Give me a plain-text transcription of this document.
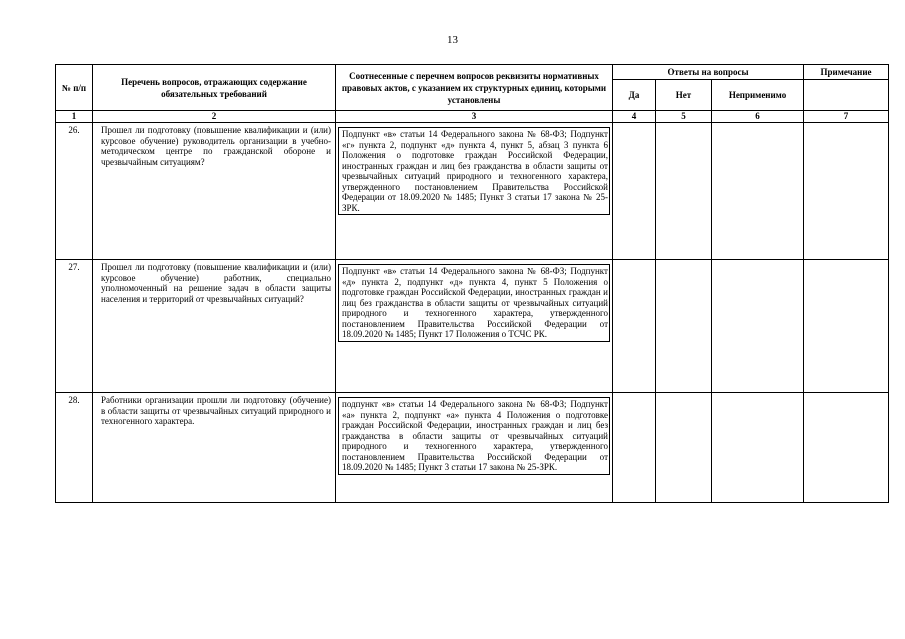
13
№ п/п	Перечень вопросов, отражающих содержание обязательных требований	Соотнесенные с перечнем вопросов реквизиты нормативных правовых актов, с указанием их структурных единиц, которыми установлены	Ответы на вопросы			Примечание
			Да	Нет	Неприменимо	
1	2	3	4	5	6	7
26.	Прошел ли подготовку (повышение квалификации и (или) курсовое обучение) руководитель организации в учебно-методическом центре по гражданской обороне и чрезвычайным ситуациям?	Подпункт «в» статьи 14 Федерального закона № 68-ФЗ; Подпункт «г» пункта 2, подпункт «д» пункта 4, пункт 5, абзац 3 пункта 6 Положения о подготовке граждан Российской Федерации, иностранных граждан и лиц без гражданства в области защиты от чрезвычайных ситуаций природного и техногенного характера, утвержденного постановлением Правительства Российской Федерации от 18.09.2020 № 1485; Пункт 3 статьи 17 закона № 25-ЗРК.				

27.	Прошел ли подготовку (повышение квалификации и (или) курсовое обучение) работник, специально уполномоченный на решение задач в области защиты населения и территорий от чрезвычайных ситуаций?	Подпункт «в» статьи 14 Федерального закона № 68-ФЗ; Подпункт «д» пункта 2, подпункт «д» пункта 4, пункт 5 Положения о подготовке граждан Российской Федерации, иностранных граждан и лиц без гражданства в области защиты от чрезвычайных ситуаций природного и техногенного характера, утвержденного постановлением Правительства Российской Федерации от 18.09.2020 № 1485; Пункт 17 Положения о ТСЧС РК.				

28.	Работники организации прошли ли подготовку (обучение) в области защиты от чрезвычайных ситуаций природного и техногенного характера.	подпункт «в» статьи 14 Федерального закона № 68-ФЗ; Подпункт «а» пункта 2, подпункт «а» пункта 4 Положения о подготовке граждан Российской Федерации, иностранных граждан и лиц без гражданства в области защиты от чрезвычайных ситуаций природного и техногенного характера, утвержденного постановлением Правительства Российской Федерации от 18.09.2020 № 1485; Пункт 3 статьи 17 закона № 25-ЗРК.				
